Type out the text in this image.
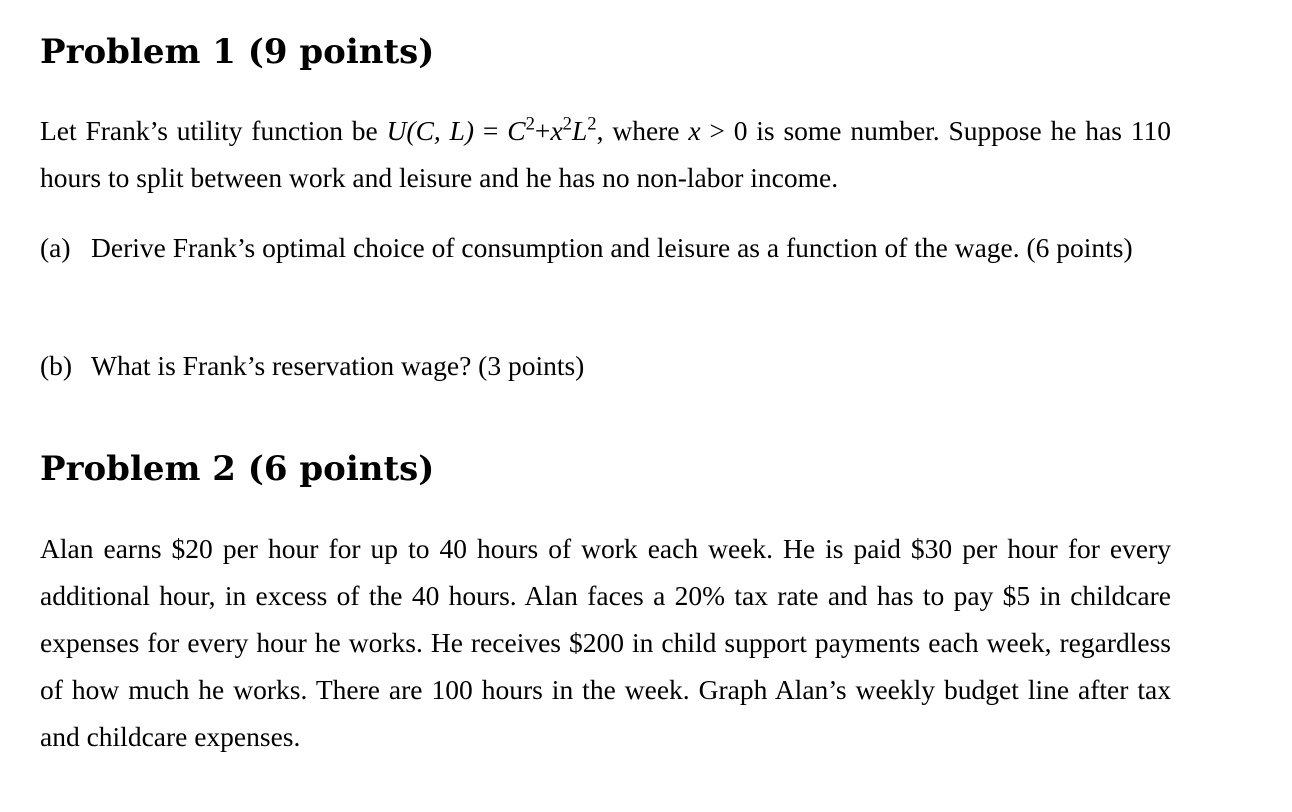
Problem 1 (9 points)

Let Frank’s utility function be U(C, $L) = C^2+x^2L^2$, where x > 0 is some number. Suppose he has 110 hours to split between work and leisure and he has no non-labor income.

(a) Derive Frank’s optimal choice of consumption and leisure as a function of the wage. (6 points)
(b) What is Frank’s reservation wage? (3 points)
Problem 2 (6 points)

Alan earns $20 per hour for up to 40 hours of work each week. He is paid $30 per hour for every additional hour, in excess of the 40 hours. Alan faces a 20% tax rate and has to pay $5 in childcare expenses for every hour he works. He receives $200 in child support payments each week, regardless of how much he works. There are 100 hours in the week. Graph Alan’s weekly budget line after tax and childcare expenses.
